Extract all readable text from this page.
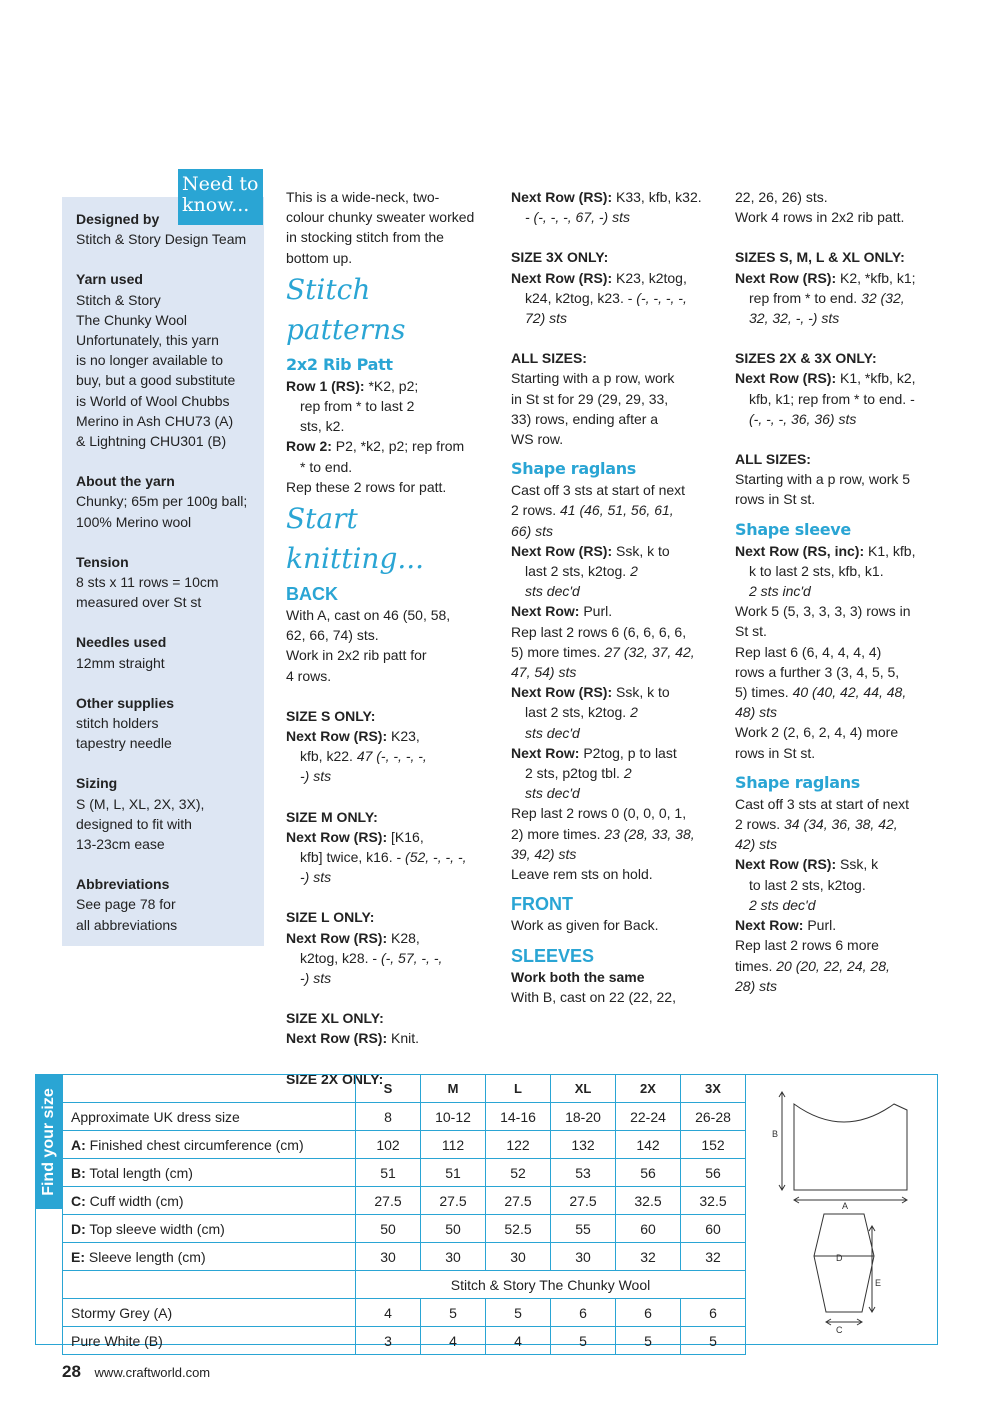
Designed by
Stitch & Story Design Team
Yarn used
Stitch & Story
The Chunky Wool
Unfortunately, this yarn
is no longer available to
buy, but a good substitute
is World of Wool Chubbs
Merino in Ash CHU73 (A)
& Lightning CHU301 (B)
About the yarn
Chunky; 65m per 100g ball;
100% Merino wool
Tension
8 sts x 11 rows = 10cm
measured over St st
Needles used
12mm straight
Other supplies
stitch holders
tapestry needle
Sizing
S (M, L, XL, 2X, 3X),
designed to fit with
13-23cm ease
Abbreviations
See page 78 for
all abbreviations
Need to know...	This is a wide-neck, two-

colour chunky sweater worked

in stocking stitch from the

bottom up.

Stitch patterns

2x2 Rib Patt

Row 1 (RS): *K2, p2;

rep from * to last 2

sts, k2.

Row 2: P2, *k2, p2; rep from

* to end.

Rep these 2 rows for patt.

Start knitting...

BACK

With A, cast on 46 (50, 58,

62, 66, 74) sts.

Work in 2x2 rib patt for

4 rows.

SIZE S ONLY:

Next Row (RS): K23,

kfb, k22. 47 (-, -, -, -,

-) sts

SIZE M ONLY:

Next Row (RS): [K16,

kfb] twice, k16. - (52, -, -, -,

-) sts

SIZE L ONLY:

Next Row (RS): K28,

k2tog, k28. - (-, 57, -, -,

-) sts

SIZE XL ONLY:

Next Row (RS): Knit.

SIZE 2X ONLY:

Next Row (RS): K33, kfb, k32.

- (-, -, -, 67, -) sts

SIZE 3X ONLY:

Next Row (RS): K23, k2tog,

k24, k2tog, k23. - (-, -, -, -,

72) sts

ALL SIZES:

Starting with a p row, work

in St st for 29 (29, 29, 33,

33) rows, ending after a

WS row.

Shape raglans

Cast off 3 sts at start of next

2 rows. 41 (46, 51, 56, 61,

66) sts

Next Row (RS): Ssk, k to

last 2 sts, k2tog. 2

sts dec'd

Next Row: Purl.

Rep last 2 rows 6 (6, 6, 6, 6,

5) more times. 27 (32, 37, 42,

47, 54) sts

Next Row (RS): Ssk, k to

last 2 sts, k2tog. 2

sts dec'd

Next Row: P2tog, p to last

2 sts, p2tog tbl. 2

sts dec'd

Rep last 2 rows 0 (0, 0, 0, 1,

2) more times. 23 (28, 33, 38,

39, 42) sts

Leave rem sts on hold.

FRONT

Work as given for Back.

SLEEVES

Work both the same

With B, cast on 22 (22, 22,

22, 26, 26) sts.

Work 4 rows in 2x2 rib patt.

SIZES S, M, L & XL ONLY:

Next Row (RS): K2, *kfb, k1;

rep from * to end. 32 (32,

32, 32, -, -) sts

SIZES 2X & 3X ONLY:

Next Row (RS): K1, *kfb, k2,

kfb, k1; rep from * to end. -

(-, -, -, 36, 36) sts

ALL SIZES:

Starting with a p row, work 5

rows in St st.

Shape sleeve

Next Row (RS, inc): K1, kfb,

k to last 2 sts, kfb, k1.

2 sts inc'd

Work 5 (5, 3, 3, 3, 3) rows in

St st.

Rep last 6 (6, 4, 4, 4, 4)

rows a further 3 (3, 4, 5, 5,

5) times. 40 (40, 42, 44, 48,

48) sts

Work 2 (2, 6, 2, 4, 4) more

rows in St st.

Shape raglans

Cast off 3 sts at start of next

2 rows. 34 (34, 36, 38, 42,

42) sts

Next Row (RS): Ssk, k

to last 2 sts, k2tog.

2 sts dec'd

Next Row: Purl.

Rep last 2 rows 6 more

times. 20 (20, 22, 24, 28,

28) sts

Find your size
		S	M	L	XL	2X	3X
Approximate UK dress size	8	10-12	14-16	18-20	22-24	26-28
A: Finished chest circumference (cm)	102	112	122	132	142	152
B: Total length (cm)	51	51	52	53	56	56
C: Cuff width (cm)	27.5	27.5	27.5	27.5	32.5	32.5
D: Top sleeve width (cm)	50	50	52.5	55	60	60
E: Sleeve length (cm)	30	30	30	30	32	32
	Stitch & Story The Chunky Wool					
Stormy Grey (A)	4	5	5	6	6	6
Pure White (B)	3	4	4	5	5	5
B
A
D
E
C
28 www.craftworld.com
